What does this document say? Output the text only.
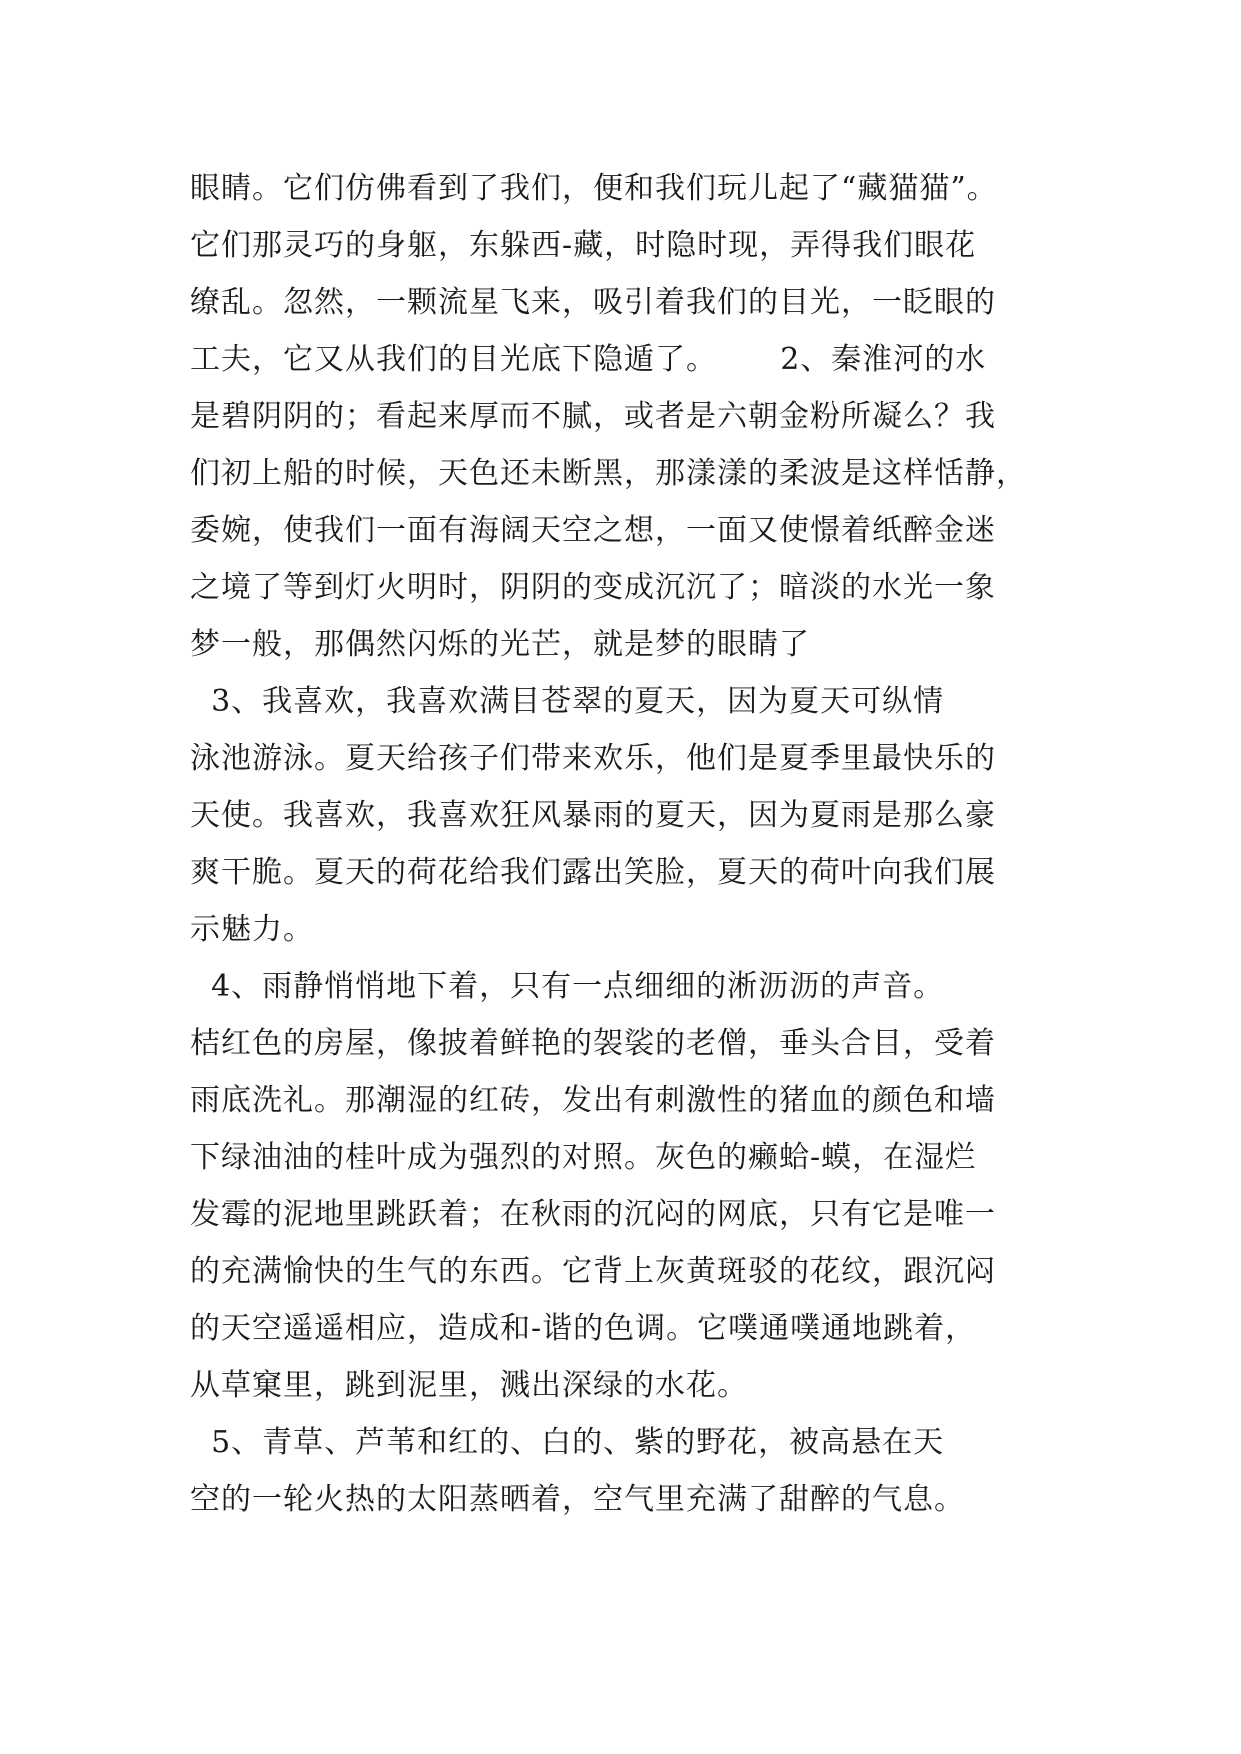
眼睛。它们仿佛看到了我们，便和我们玩儿起了“藏猫猫”。
它们那灵巧的身躯，东躲西-藏，时隐时现，弄得我们眼花
缭乱。忽然，一颗流星飞来，吸引着我们的目光，一眨眼的
工夫，它又从我们的目光底下隐遁了。      2、秦淮河的水
是碧阴阴的；看起来厚而不腻，或者是六朝金粉所凝么？我
们初上船的时候，天色还未断黑，那漾漾的柔波是这样恬静，
委婉，使我们一面有海阔天空之想，一面又使憬着纸醉金迷
之境了等到灯火明时，阴阴的变成沉沉了；暗淡的水光一象
梦一般，那偶然闪烁的光芒，就是梦的眼睛了
3、我喜欢，我喜欢满目苍翠的夏天，因为夏天可纵情
泳池游泳。夏天给孩子们带来欢乐，他们是夏季里最快乐的
天使。我喜欢，我喜欢狂风暴雨的夏天，因为夏雨是那么豪
爽干脆。夏天的荷花给我们露出笑脸，夏天的荷叶向我们展
示魅力。
4、雨静悄悄地下着，只有一点细细的淅沥沥的声音。
桔红色的房屋，像披着鲜艳的袈裟的老僧，垂头合目，受着
雨底洗礼。那潮湿的红砖，发出有刺激性的猪血的颜色和墙
下绿油油的桂叶成为强烈的对照。灰色的癞蛤-蟆，在湿烂
发霉的泥地里跳跃着；在秋雨的沉闷的网底，只有它是唯一
的充满愉快的生气的东西。它背上灰黄斑驳的花纹，跟沉闷
的天空遥遥相应，造成和-谐的色调。它噗通噗通地跳着，
从草窠里，跳到泥里，溅出深绿的水花。
5、青草、芦苇和红的、白的、紫的野花，被高悬在天
空的一轮火热的太阳蒸晒着，空气里充满了甜醉的气息。
